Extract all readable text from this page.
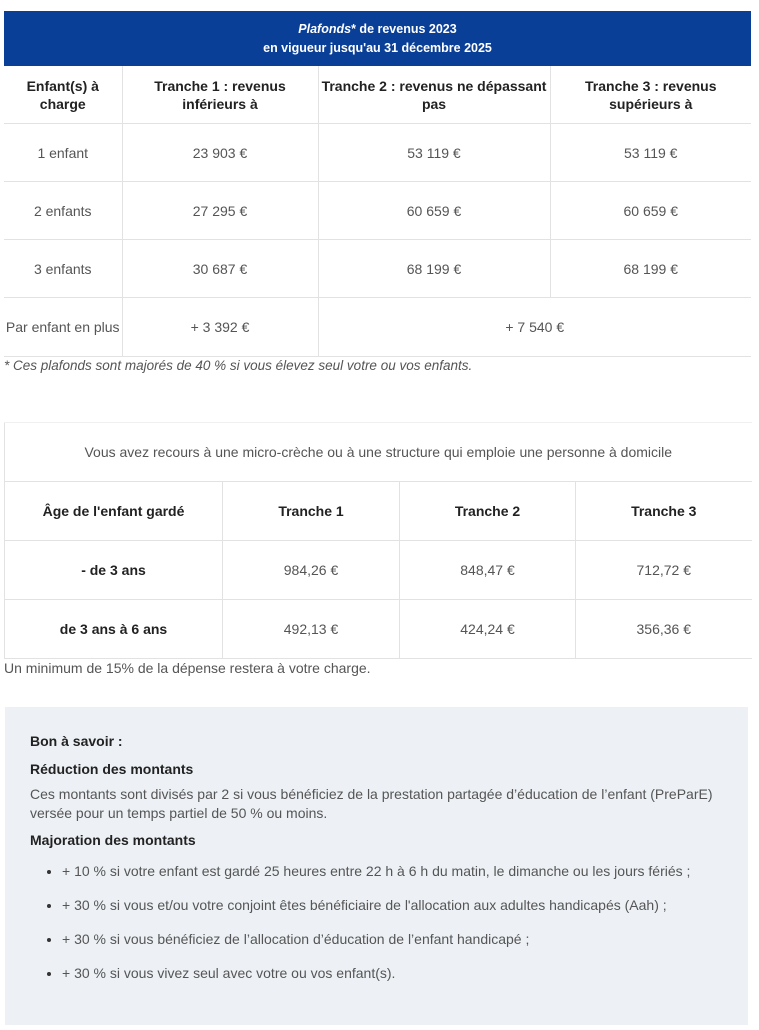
Plafonds* de revenus 2023
en vigueur jusqu'au 31 décembre 2025			

Enfant(s) à charge	Tranche 1 : revenus inférieurs à	Tranche 2 : revenus ne dépassant pas	Tranche 3 : revenus supérieurs à
1 enfant	23 903 €	53 119 €	53 119 €
2 enfants	27 295 €	60 659 €	60 659 €
3 enfants	30 687 €	68 199 €	68 199 €
Par enfant en plus	+ 3 392 €	+ 7 540 €	
* Ces plafonds sont majorés de 40 % si vous élevez seul votre ou vos enfants.
Vous avez recours à une micro-crèche ou à une structure qui emploie une personne à domicile			
Âge de l'enfant gardé	Tranche 1	Tranche 2	Tranche 3
- de 3 ans	984,26 €	848,47 €	712,72 €
de 3 ans à 6 ans	492,13 €	424,24 €	356,36 €
Un minimum de 15% de la dépense restera à votre charge.
Bon à savoir :
Réduction des montants

Ces montants sont divisés par 2 si vous bénéficiez de la prestation partagée d’éducation de l’enfant (PreParE) versée pour un temps partiel de 50 % ou moins.

Majoration des montants
• + 10 % si votre enfant est gardé 25 heures entre 22 h à 6 h du matin, le dimanche ou les jours fériés ;
• + 30 % si vous et/ou votre conjoint êtes bénéficiaire de l'allocation aux adultes handicapés (Aah) ;
• + 30 % si vous bénéficiez de l’allocation d’éducation de l’enfant handicapé ;
• + 30 % si vous vivez seul avec votre ou vos enfant(s).
